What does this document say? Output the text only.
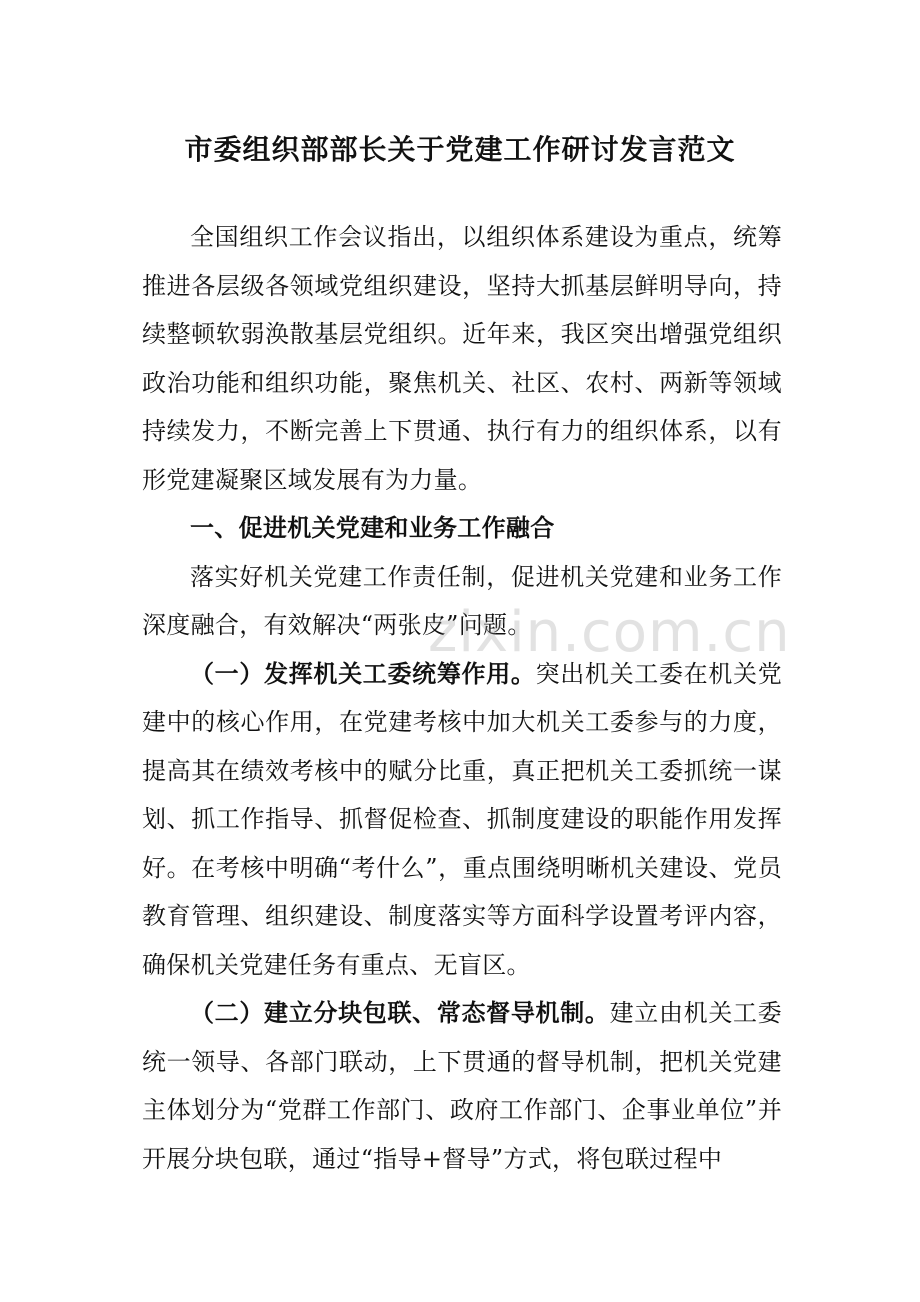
市委组织部部长关于党建工作研讨发言范文

全国组织工作会议指出，以组织体系建设为重点，统筹推进各层级各领域党组织建设，坚持大抓基层鲜明导向，持续整顿软弱涣散基层党组织。近年来，我区突出增强党组织政治功能和组织功能，聚焦机关、社区、农村、两新等领域持续发力，不断完善上下贯通、执行有力的组织体系，以有形党建凝聚区域发展有为力量。

一、促进机关党建和业务工作融合

落实好机关党建工作责任制，促进机关党建和业务工作深度融合，有效解决“两张皮”问题。

（一）发挥机关工委统筹作用。突出机关工委在机关党建中的核心作用，在党建考核中加大机关工委参与的力度，提高其在绩效考核中的赋分比重，真正把机关工委抓统一谋划、抓工作指导、抓督促检查、抓制度建设的职能作用发挥好。在考核中明确“考什么”，重点围绕明晰机关建设、党员教育管理、组织建设、制度落实等方面科学设置考评内容，确保机关党建任务有重点、无盲区。

（二）建立分块包联、常态督导机制。建立由机关工委统一领导、各部门联动，上下贯通的督导机制，把机关党建主体划分为“党群工作部门、政府工作部门、企事业单位”并开展分块包联，通过“指导+督导”方式，将包联过程中

zixin.com.cn
